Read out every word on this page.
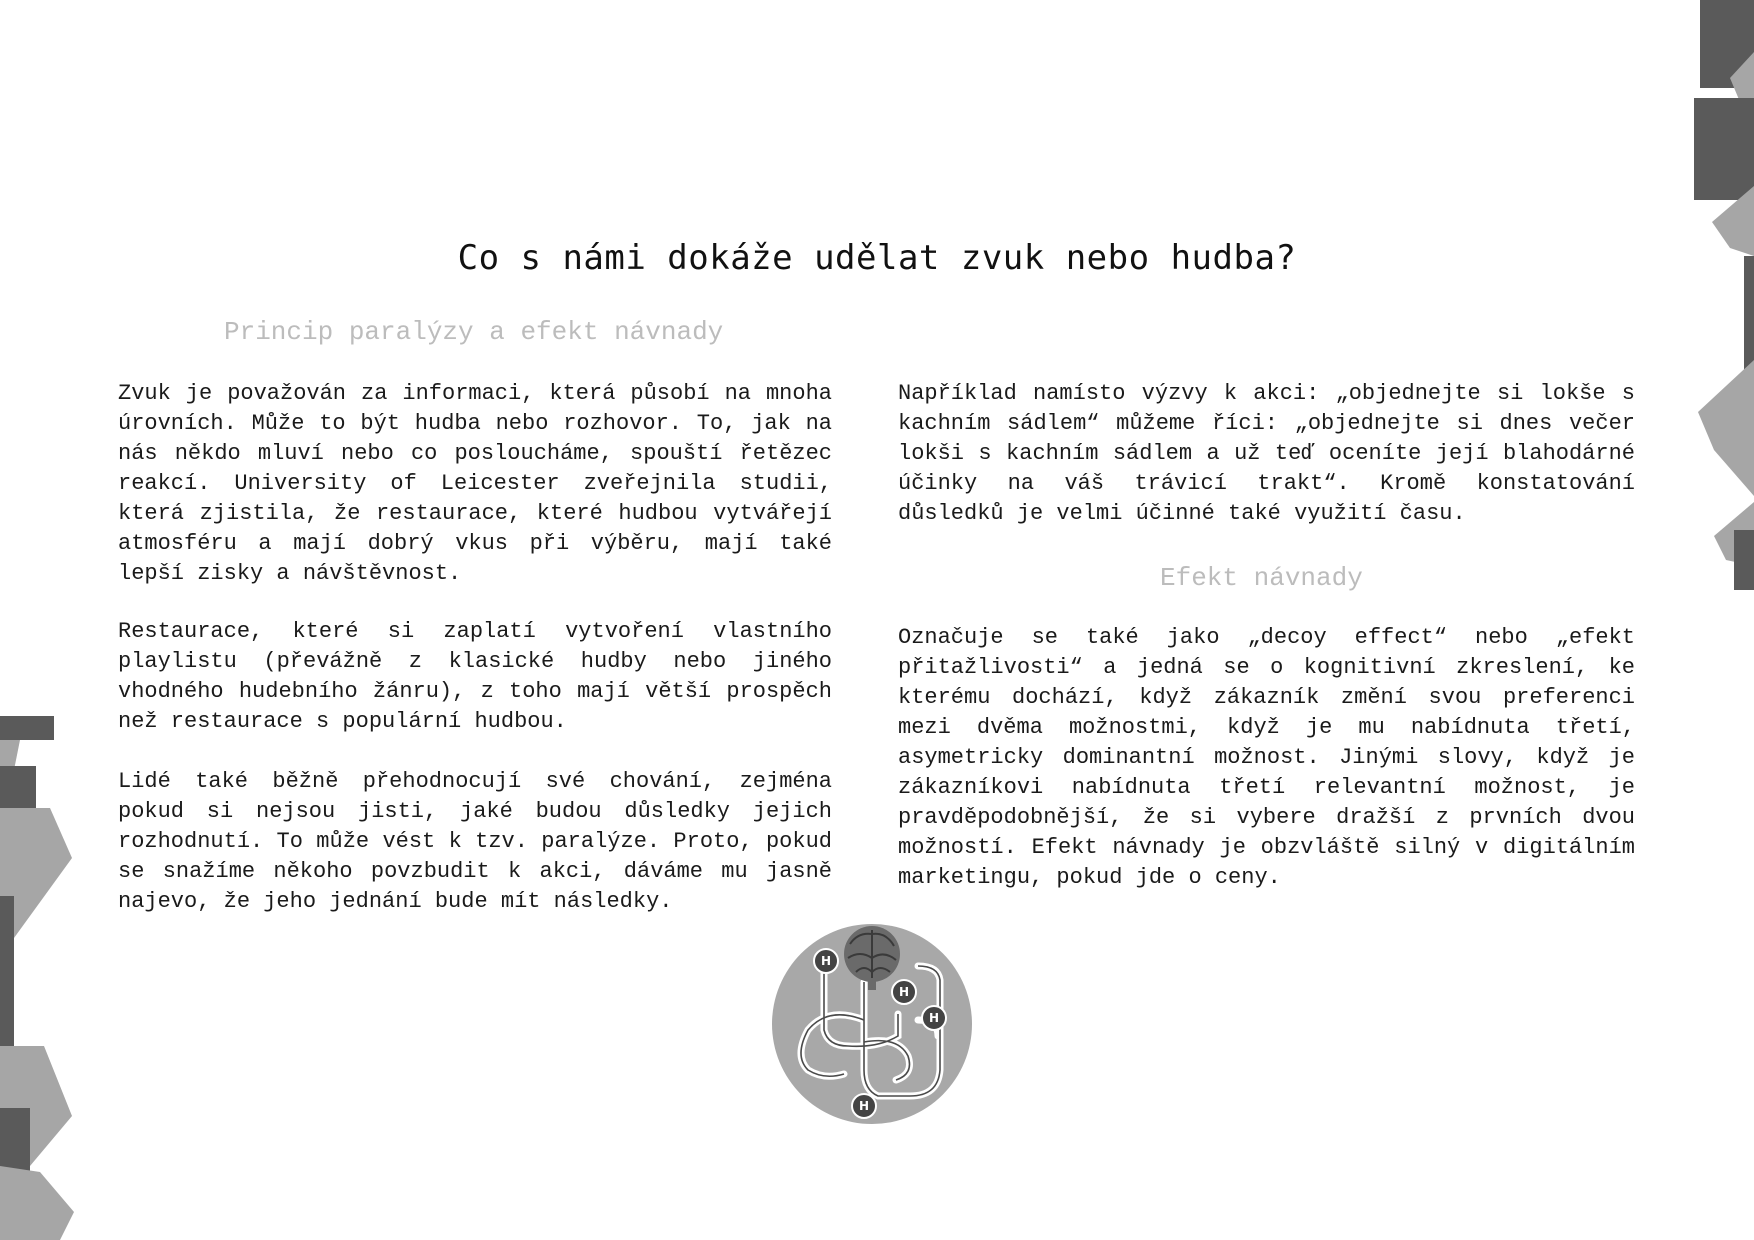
Co s námi dokáže udělat zvuk nebo hudba?
Princip paralýzy a efekt návnady
Zvuk je považován za informaci, která působí na mnoha úrovních. Může to být hudba nebo rozhovor. To, jak na nás někdo mluví nebo co posloucháme, spouští řetězec reakcí. University of Leicester zveřejnila studii, která zjistila, že restaurace, které hudbou vytvářejí atmosféru a mají dobrý vkus při výběru, mají také lepší zisky a návštěvnost.
Restaurace, které si zaplatí vytvoření vlastního playlistu (převážně z klasické hudby nebo jiného vhodného hudebního žánru), z toho mají větší prospěch než restaurace s populární hudbou.
Lidé také běžně přehodnocují své chování, zejména pokud si nejsou jisti, jaké budou důsledky jejich rozhodnutí. To může vést k tzv. paralýze. Proto, pokud se snažíme někoho povzbudit k akci, dáváme mu jasně najevo, že jeho jednání bude mít následky.
Například namísto výzvy k akci: „objednejte si lokše s kachním sádlem“ můžeme říci: „objednejte si dnes večer lokši s kachním sádlem a už teď oceníte její blahodárné účinky na váš trávicí trakt“. Kromě konstatování důsledků je velmi účinné také využití času.
Efekt návnady
Označuje se také jako „decoy effect“ nebo „efekt přitažlivosti“ a jedná se o kognitivní zkreslení, ke kterému dochází, když zákazník změní svou preferenci mezi dvěma možnostmi, když je mu nabídnuta třetí, asymetricky dominantní možnost. Jinými slovy, když je zákazníkovi nabídnuta třetí relevantní možnost, je pravděpodobnější, že si vybere dražší z prvních dvou možností. Efekt návnady je obzvláště silný v digitálním marketingu, pokud jde o ceny.
H
H
H
H
